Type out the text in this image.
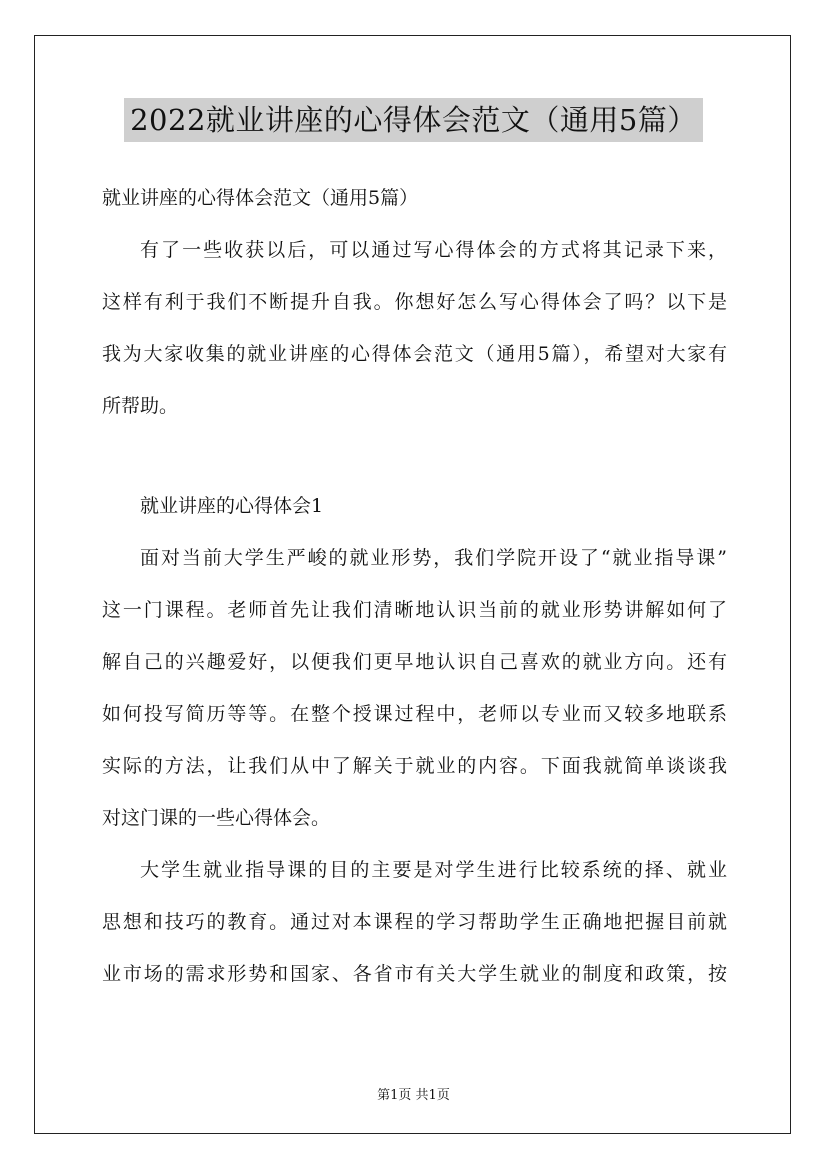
2022就业讲座的心得体会范文（通用5篇）
就业讲座的心得体会范文（通用5篇）
有了一些收获以后，可以通过写心得体会的方式将其记录下来，
这样有利于我们不断提升自我。你想好怎么写心得体会了吗？以下是
我为大家收集的就业讲座的心得体会范文（通用5篇），希望对大家有
所帮助。
就业讲座的心得体会1
面对当前大学生严峻的就业形势，我们学院开设了“就业指导课”
这一门课程。老师首先让我们清晰地认识当前的就业形势讲解如何了
解自己的兴趣爱好，以便我们更早地认识自己喜欢的就业方向。还有
如何投写简历等等。在整个授课过程中，老师以专业而又较多地联系
实际的方法，让我们从中了解关于就业的内容。下面我就简单谈谈我
对这门课的一些心得体会。
大学生就业指导课的目的主要是对学生进行比较系统的择、就业
思想和技巧的教育。通过对本课程的学习帮助学生正确地把握目前就
业市场的需求形势和国家、各省市有关大学生就业的制度和政策，按
第1页 共1页
